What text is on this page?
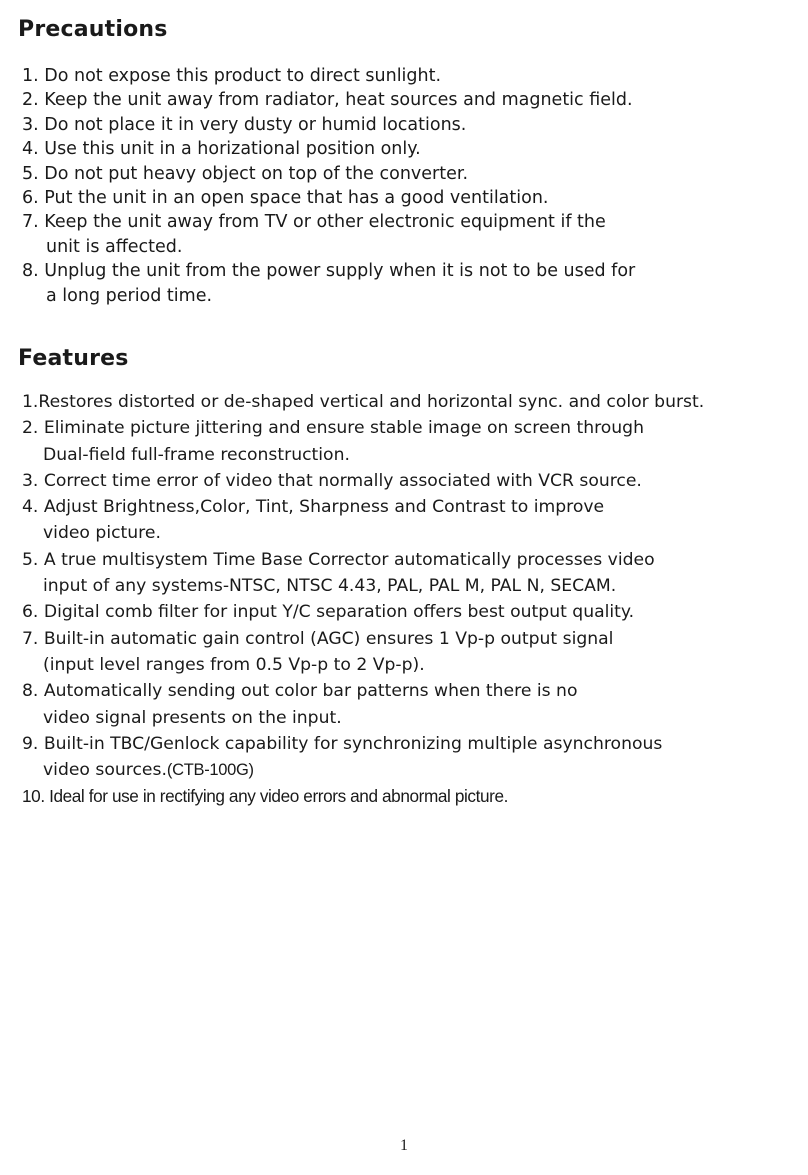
Precautions
1. Do not expose this product to direct sunlight.
2. Keep the unit away from radiator, heat sources and magnetic field.
3. Do not place it in very dusty or humid locations.
4. Use this unit in a horizational position only.
5. Do not put heavy object on top of the converter.
6. Put the unit in an open space that has a good ventilation.
7. Keep the unit away from TV or other electronic equipment if the
unit is affected.
8. Unplug the unit from the power supply when it is not to be used for
a long period time.
Features
1.Restores distorted or de-shaped vertical and horizontal sync. and color burst.
2. Eliminate picture jittering and ensure stable image on screen through
Dual-field full-frame reconstruction.
3. Correct time error of video that normally associated with VCR source.
4. Adjust Brightness,Color, Tint, Sharpness and Contrast to improve
video picture.
5. A true multisystem Time Base Corrector automatically processes video
input of any systems-NTSC, NTSC 4.43, PAL, PAL M, PAL N, SECAM.
6. Digital comb filter for input Y/C separation offers best output quality.
7. Built-in automatic gain control (AGC) ensures 1 Vp-p output signal
(input level ranges from 0.5 Vp-p to 2 Vp-p).
8. Automatically sending out color bar patterns when there is no
video signal presents on the input.
9. Built-in TBC/Genlock capability for synchronizing multiple asynchronous
video sources.(CTB-100G)
10. Ideal for use in rectifying any video errors and abnormal picture.
1
